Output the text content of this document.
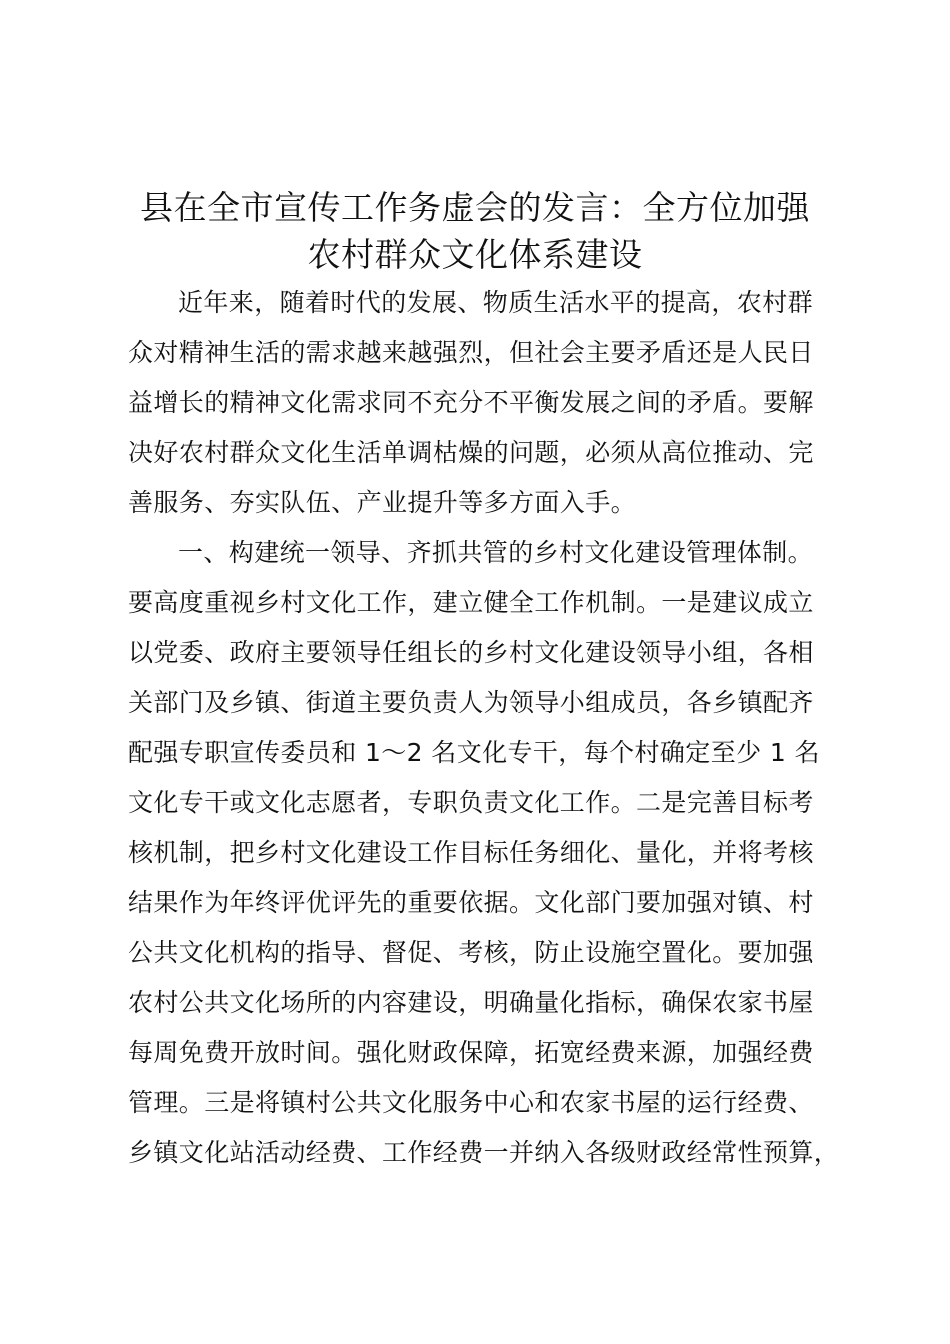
县在全市宣传工作务虚会的发言：全方位加强
农村群众文化体系建设
近年来，随着时代的发展、物质生活水平的提高，农村群
众对精神生活的需求越来越强烈，但社会主要矛盾还是人民日
益增长的精神文化需求同不充分不平衡发展之间的矛盾。要解
决好农村群众文化生活单调枯燥的问题，必须从高位推动、完
善服务、夯实队伍、产业提升等多方面入手。
一、构建统一领导、齐抓共管的乡村文化建设管理体制。
要高度重视乡村文化工作，建立健全工作机制。一是建议成立
以党委、政府主要领导任组长的乡村文化建设领导小组，各相
关部门及乡镇、街道主要负责人为领导小组成员，各乡镇配齐
配强专职宣传委员和 1～2 名文化专干，每个村确定至少 1 名
文化专干或文化志愿者，专职负责文化工作。二是完善目标考
核机制，把乡村文化建设工作目标任务细化、量化，并将考核
结果作为年终评优评先的重要依据。文化部门要加强对镇、村
公共文化机构的指导、督促、考核，防止设施空置化。要加强
农村公共文化场所的内容建设，明确量化指标，确保农家书屋
每周免费开放时间。强化财政保障，拓宽经费来源，加强经费
管理。三是将镇村公共文化服务中心和农家书屋的运行经费、
乡镇文化站活动经费、工作经费一并纳入各级财政经常性预算，
